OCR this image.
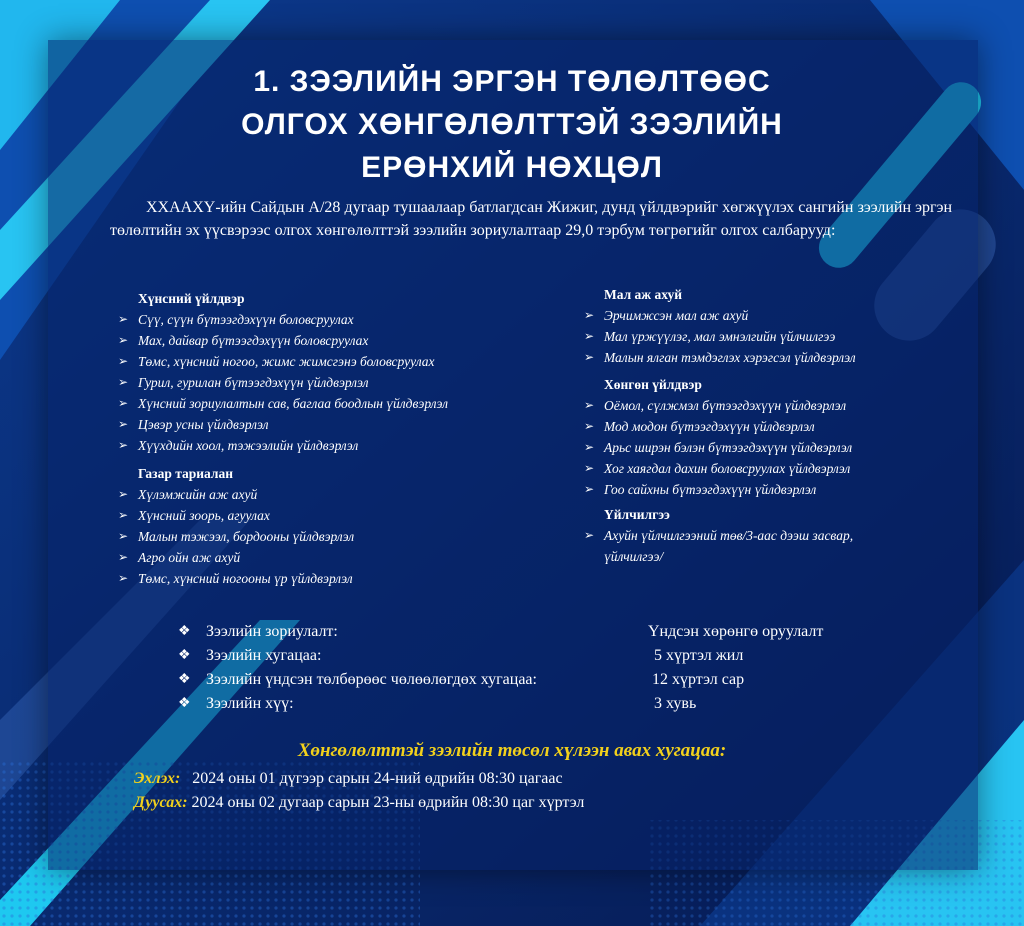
1. ЗЭЭЛИЙН ЭРГЭН ТӨЛӨЛТӨӨС
ОЛГОХ ХӨНГӨЛӨЛТТЭЙ ЗЭЭЛИЙН
ЕРӨНХИЙ НӨХЦӨЛ
ХХААХҮ-ийн Сайдын А/28 дугаар тушаалаар батлагдсан Жижиг, дунд үйлдвэрийг хөгжүүлэх сангийн зээлийн эргэн төлөлтийн эх үүсвэрээс олгох хөнгөлөлттэй зээлийн зориулалтаар 29,0 тэрбум төгрөгийг олгох салбарууд:
Хүнсний үйлдвэр
➢ Сүү, сүүн бүтээгдэхүүн боловсруулах
➢ Мах, дайвар бүтээгдэхүүн боловсруулах
➢ Төмс, хүнсний ногоо, жимс жимсгэнэ боловсруулах
➢ Гурил, гурилан бүтээгдэхүүн үйлдвэрлэл
➢ Хүнсний зориулалтын сав, баглаа боодлын үйлдвэрлэл
➢ Цэвэр усны үйлдвэрлэл
➢ Хүүхдийн хоол, тэжээлийн үйлдвэрлэл
Газар тариалан
➢ Хүлэмжийн аж ахуй
➢ Хүнсний зоорь, агуулах
➢ Малын тэжээл, бордооны үйлдвэрлэл
➢ Агро ойн аж ахуй
➢ Төмс, хүнсний ногооны үр үйлдвэрлэл
Мал аж ахуй
➢ Эрчимжсэн мал аж ахуй
➢ Мал үржүүлэг, мал эмнэлгийн үйлчилгээ
➢ Малын ялган тэмдэглэх хэрэгсэл үйлдвэрлэл
Хөнгөн үйлдвэр
➢ Оёмол, сүлжмэл бүтээгдэхүүн үйлдвэрлэл
➢ Мод модон бүтээгдэхүүн үйлдвэрлэл
➢ Арьс ширэн бэлэн бүтээгдэхүүн үйлдвэрлэл
➢ Хог хаягдал дахин боловсруулах үйлдвэрлэл
➢ Гоо сайхны бүтээгдэхүүн үйлдвэрлэл
Үйлчилгээ
➢ Ахуйн үйлчилгээний төв/3-аас дээш засвар,
үйлчилгээ/
❖ Зээлийн зориулалт:	Үндсэн хөрөнгө оруулалт
❖ Зээлийн хугацаа:	5 хүртэл жил
❖ Зээлийн үндсэн төлбөрөөс чөлөөлөгдөх хугацаа:	12 хүртэл сар
❖ Зээлийн хүү:	3 хувь
Хөнгөлөлттэй зээлийн төсөл хүлээн авах хугацаа:
Эхлэх: 2024 оны 01 дүгээр сарын 24-ний өдрийн 08:30 цагаас
Дуусах: 2024 оны 02 дугаар сарын 23-ны өдрийн 08:30 цаг хүртэл
